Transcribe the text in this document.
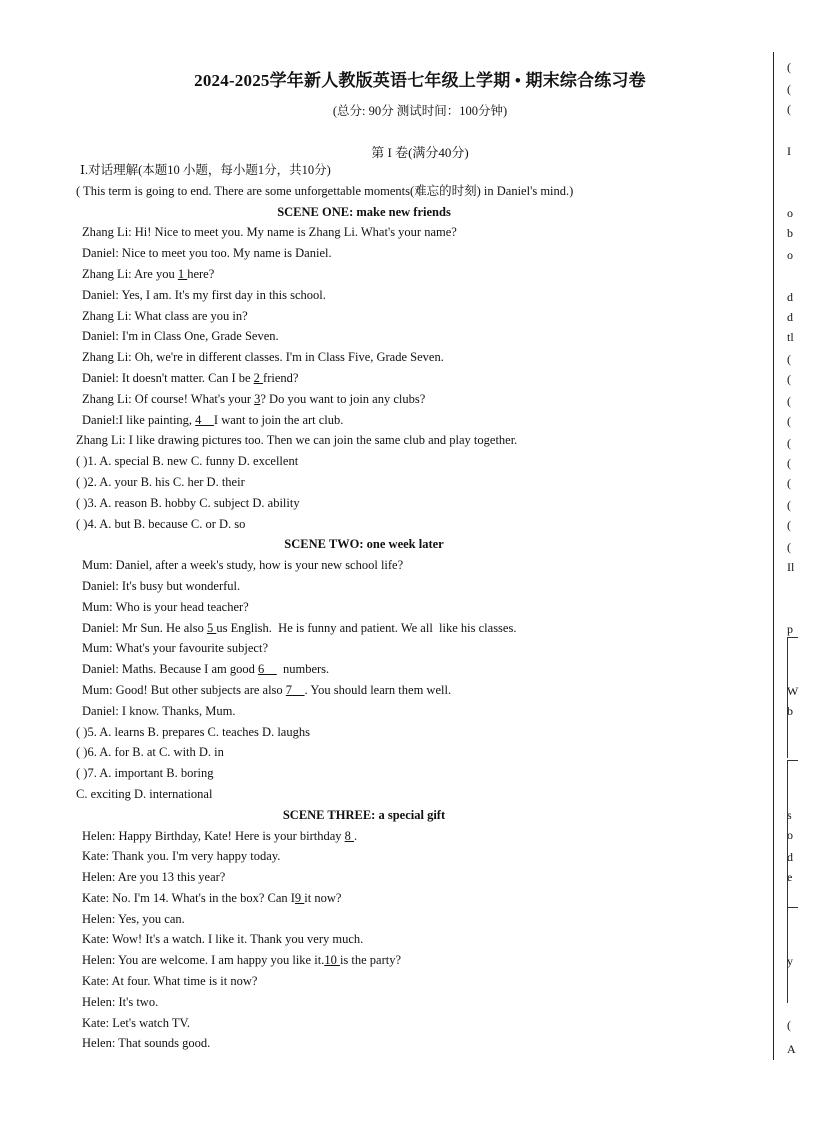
2024-2025学年新人教版英语七年级上学期 • 期末综合练习卷
(总分: 90分 测试时间：100分钟)
第 I 卷(满分40分)
Ⅰ.对话理解(本题10 小题，每小题1分，共10分)
( This term is going to end. There are some unforgettable moments(难忘的时刻) in Daniel's mind.)
SCENE ONE: make new friends
Zhang Li: Hi! Nice to meet you. My name is Zhang Li. What's your name?
Daniel: Nice to meet you too. My name is Daniel.
Zhang Li: Are you 1 here?
Daniel: Yes, I am. It's my first day in this school.
Zhang Li: What class are you in?
Daniel: I'm in Class One, Grade Seven.
Zhang Li: Oh, we're in different classes. I'm in Class Five, Grade Seven.
Daniel: It doesn't matter. Can I be 2 friend?
Zhang Li: Of course! What's your 3? Do you want to join any clubs?
Daniel:I like painting, 4    I want to join the art club.
Zhang Li: I like drawing pictures too. Then we can join the same club and play together.
( )1. A. special B. new C. funny D. excellent
( )2. A. your B. his C. her D. their
( )3. A. reason B. hobby C. subject D. ability
( )4. A. but B. because C. or D. so
SCENE TWO: one week later
Mum: Daniel, after a week's study, how is your new school life?
Daniel: It's busy but wonderful.
Mum: Who is your head teacher?
Daniel: Mr Sun. He also 5 us English.  He is funny and patient. We all  like his classes.
Mum: What's your favourite subject?
Daniel: Maths. Because I am good 6      numbers.
Mum: Good! But other subjects are also 7    . You should learn them well.
Daniel: I know. Thanks, Mum.
( )5. A. learns B. prepares C. teaches D. laughs
( )6. A. for B. at C. with D. in
( )7. A. important B. boring
C. exciting D. international
SCENE THREE: a special gift
Helen: Happy Birthday, Kate! Here is your birthday 8 .
Kate: Thank you. I'm very happy today.
Helen: Are you 13 this year?
Kate: No. I'm 14. What's in the box? Can I9 it now?
Helen: Yes, you can.
Kate: Wow! It's a watch. I like it. Thank you very much.
Helen: You are welcome. I am happy you like it.10 is the party?
Kate: At four. What time is it now?
Helen: It's two.
Kate: Let's watch TV.
Helen: That sounds good.
(
(
(
I
o
b
o
d
d
tl
(
(
(
(
(
(
(
(
(
(
Il
p
W
b
s
o
d
e
y
(
A
